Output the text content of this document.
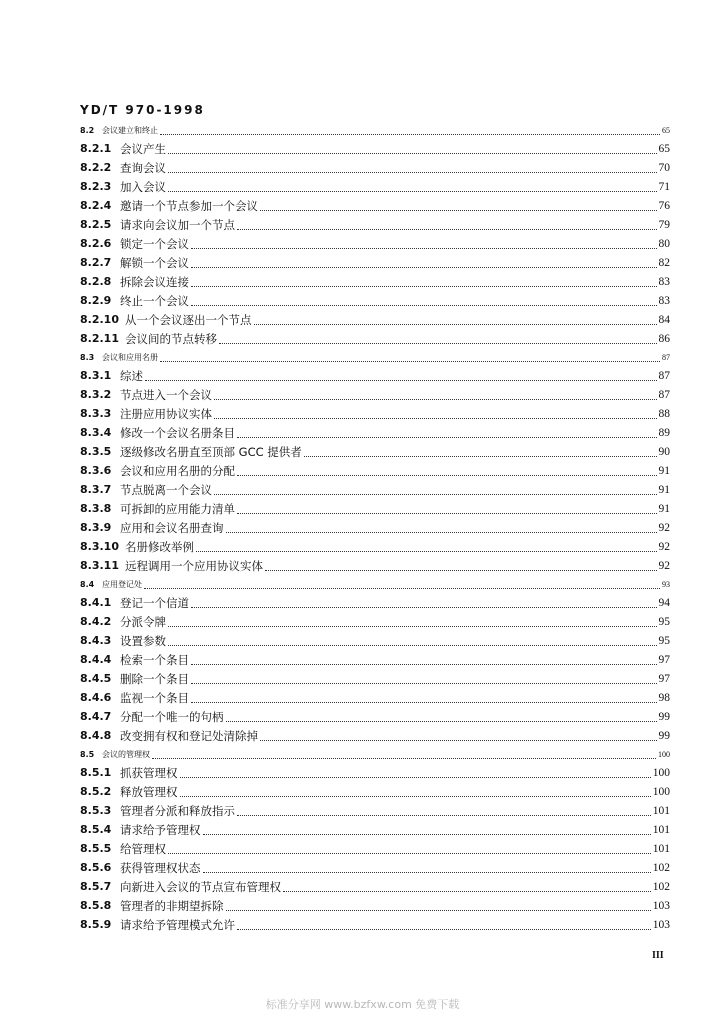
YD/T 970-1998
8.2 会议建立和终止	65
8.2.1 会议产生	65
8.2.2 查询会议	70
8.2.3 加入会议	71
8.2.4 邀请一个节点参加一个会议	76
8.2.5 请求向会议加一个节点	79
8.2.6 锁定一个会议	80
8.2.7 解锁一个会议	82
8.2.8 拆除会议连接	83
8.2.9 终止一个会议	83
8.2.10 从一个会议逐出一个节点	84
8.2.11 会议间的节点转移	86
8.3 会议和应用名册	87
8.3.1 综述	87
8.3.2 节点进入一个会议	87
8.3.3 注册应用协议实体	88
8.3.4 修改一个会议名册条目	89
8.3.5 逐级修改名册直至顶部 GCC 提供者	90
8.3.6 会议和应用名册的分配	91
8.3.7 节点脱离一个会议	91
8.3.8 可拆卸的应用能力清单	91
8.3.9 应用和会议名册查询	92
8.3.10 名册修改举例	92
8.3.11 远程调用一个应用协议实体	92
8.4 应用登记处	93
8.4.1 登记一个信道	94
8.4.2 分派令牌	95
8.4.3 设置参数	95
8.4.4 检索一个条目	97
8.4.5 删除一个条目	97
8.4.6 监视一个条目	98
8.4.7 分配一个唯一的句柄	99
8.4.8 改变拥有权和登记处清除掉	99
8.5 会议的管理权	100
8.5.1 抓获管理权	100
8.5.2 释放管理权	100
8.5.3 管理者分派和释放指示	101
8.5.4 请求给予管理权	101
8.5.5 给管理权	101
8.5.6 获得管理权状态	102
8.5.7 向新进入会议的节点宣布管理权	102
8.5.8 管理者的非期望拆除	103
8.5.9 请求给予管理模式允许	103
III
标准分享网 www.bzfxw.com 免费下载
